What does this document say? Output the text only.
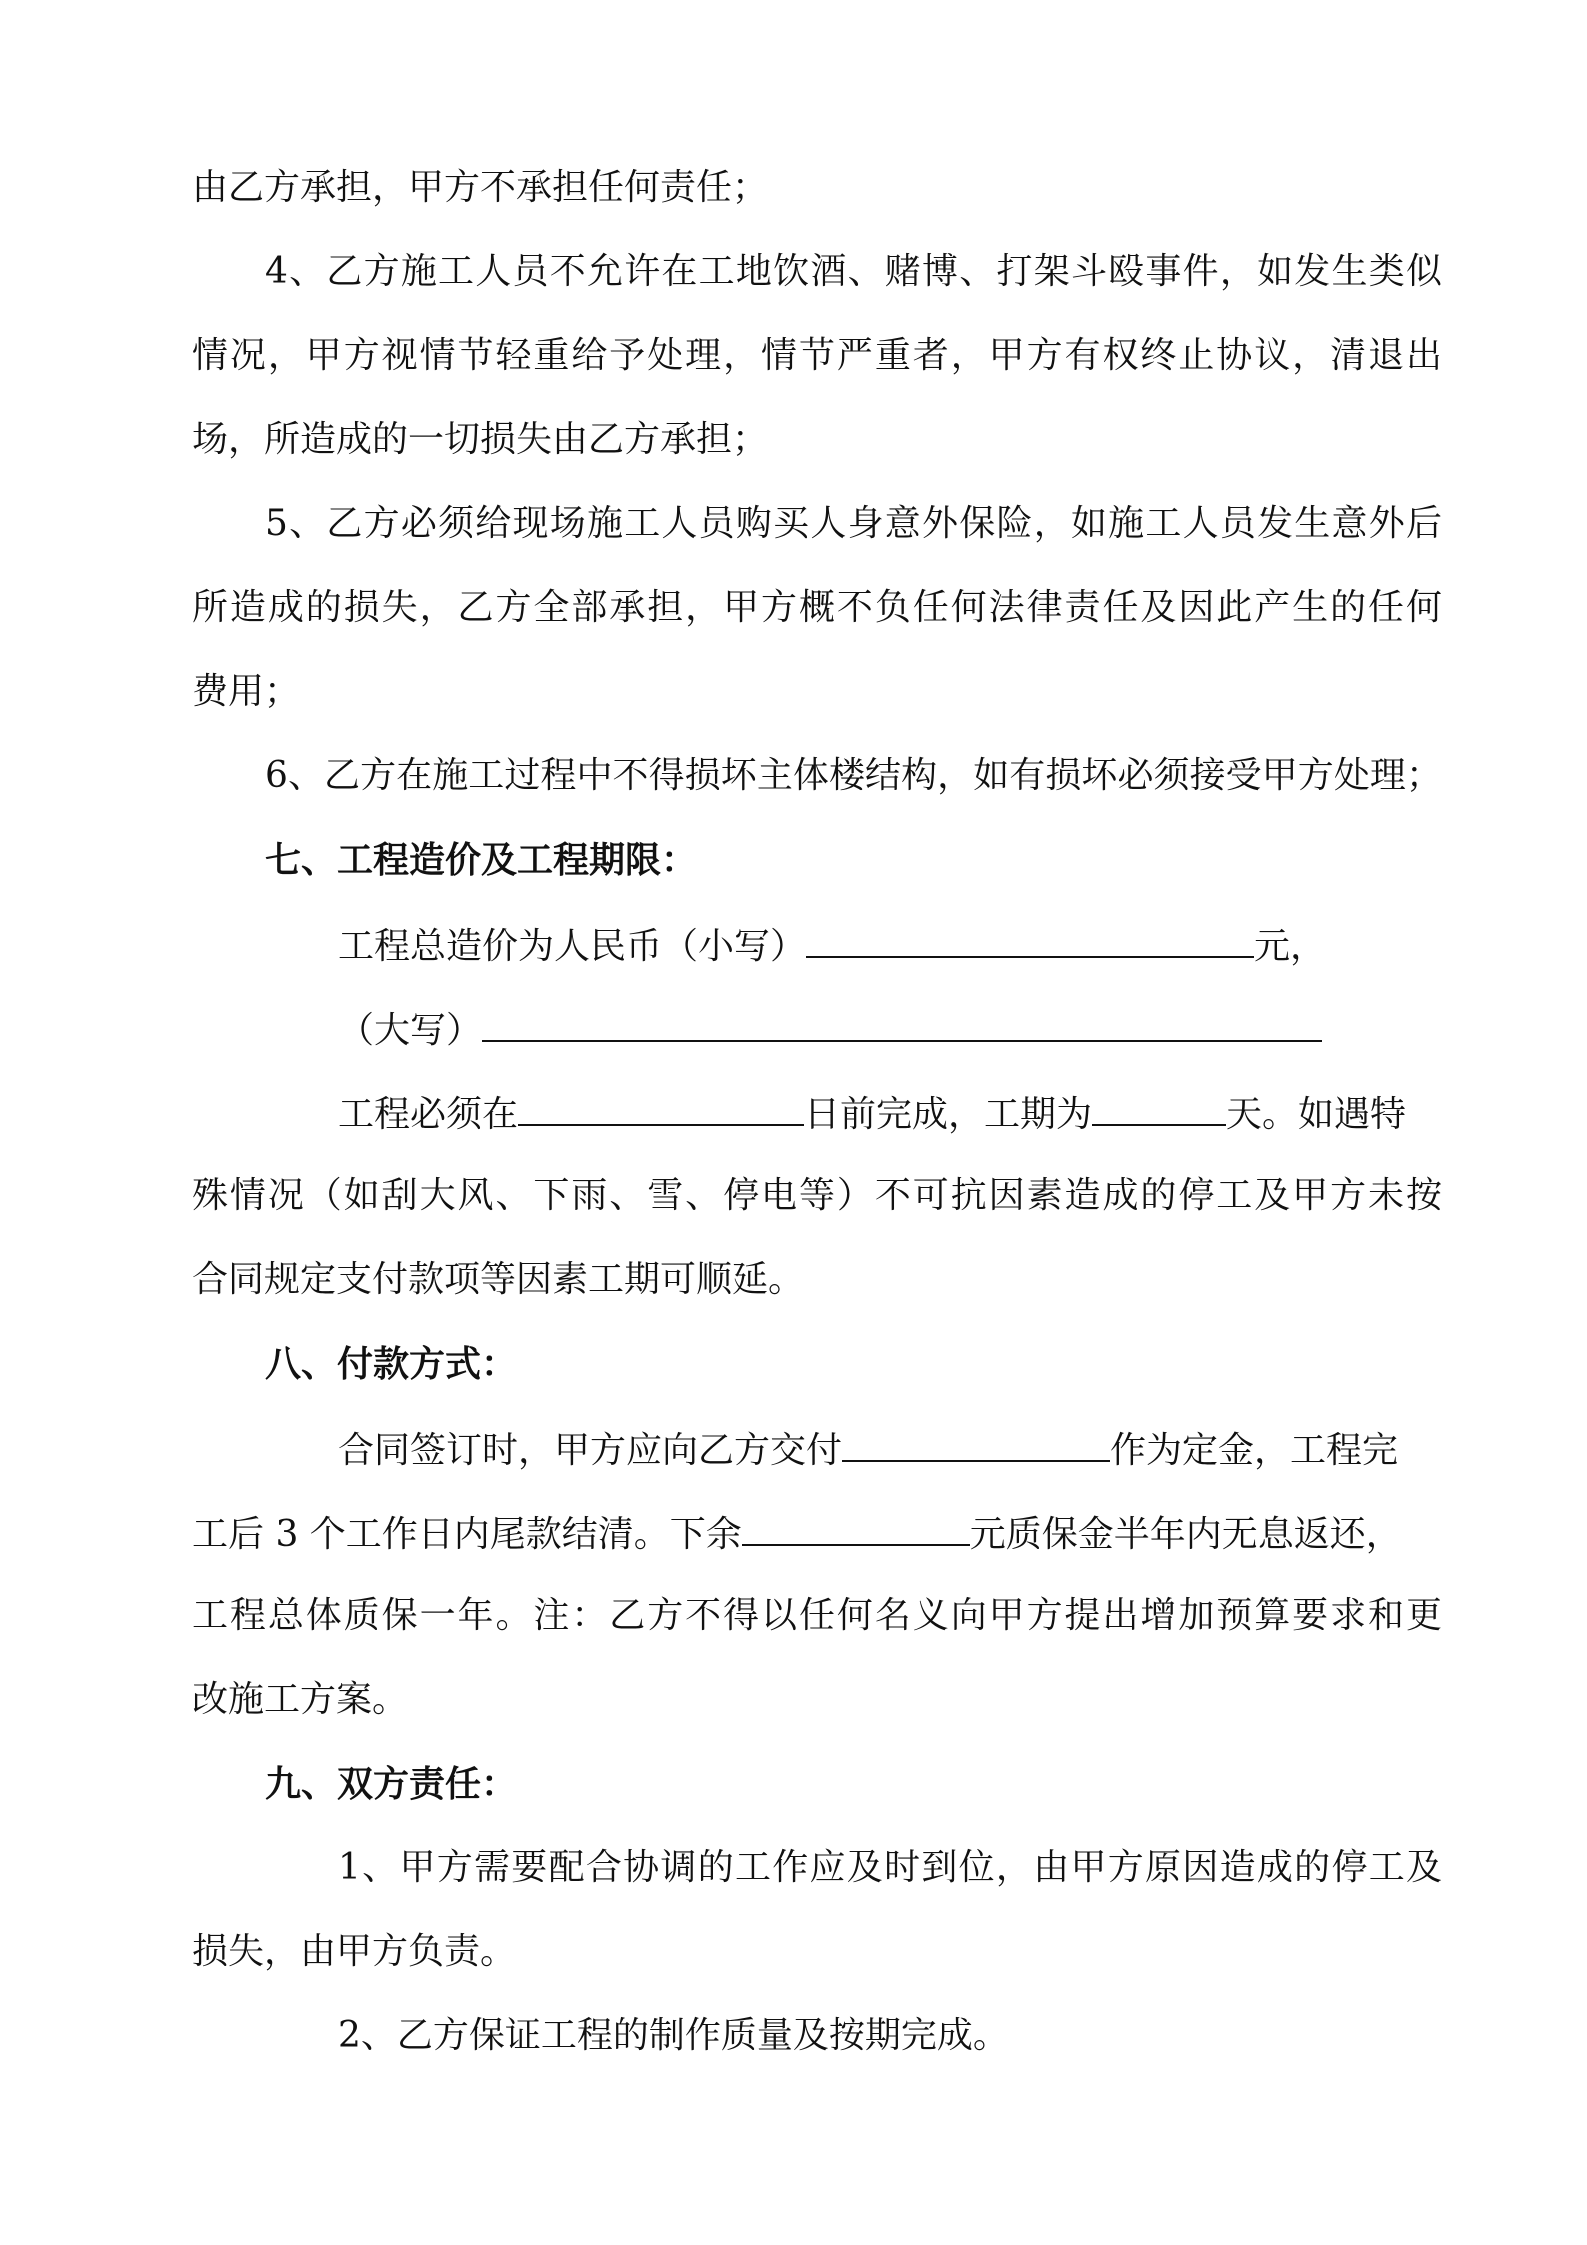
由乙方承担，甲方不承担任何责任；
4、乙方施工人员不允许在工地饮酒、赌博、打架斗殴事件，如发生类似
情况，甲方视情节轻重给予处理，情节严重者，甲方有权终止协议，清退出
场，所造成的一切损失由乙方承担；
5、乙方必须给现场施工人员购买人身意外保险，如施工人员发生意外后
所造成的损失，乙方全部承担，甲方概不负任何法律责任及因此产生的任何
费用；
6、乙方在施工过程中不得损坏主体楼结构，如有损坏必须接受甲方处理；
七、工程造价及工程期限：
工程总造价为人民币（小写）	元，
（大写）
工程必须在	日前完成，工期为	天。如遇特
殊情况（如刮大风、下雨、雪、停电等）不可抗因素造成的停工及甲方未按
合同规定支付款项等因素工期可顺延。
八、付款方式：
合同签订时，甲方应向乙方交付	作为定金，工程完
工后 3 个工作日内尾款结清。下余	元质保金半年内无息返还，
工程总体质保一年。注：乙方不得以任何名义向甲方提出增加预算要求和更
改施工方案。
九、双方责任：
1、甲方需要配合协调的工作应及时到位，由甲方原因造成的停工及
损失，由甲方负责。
2、乙方保证工程的制作质量及按期完成。
